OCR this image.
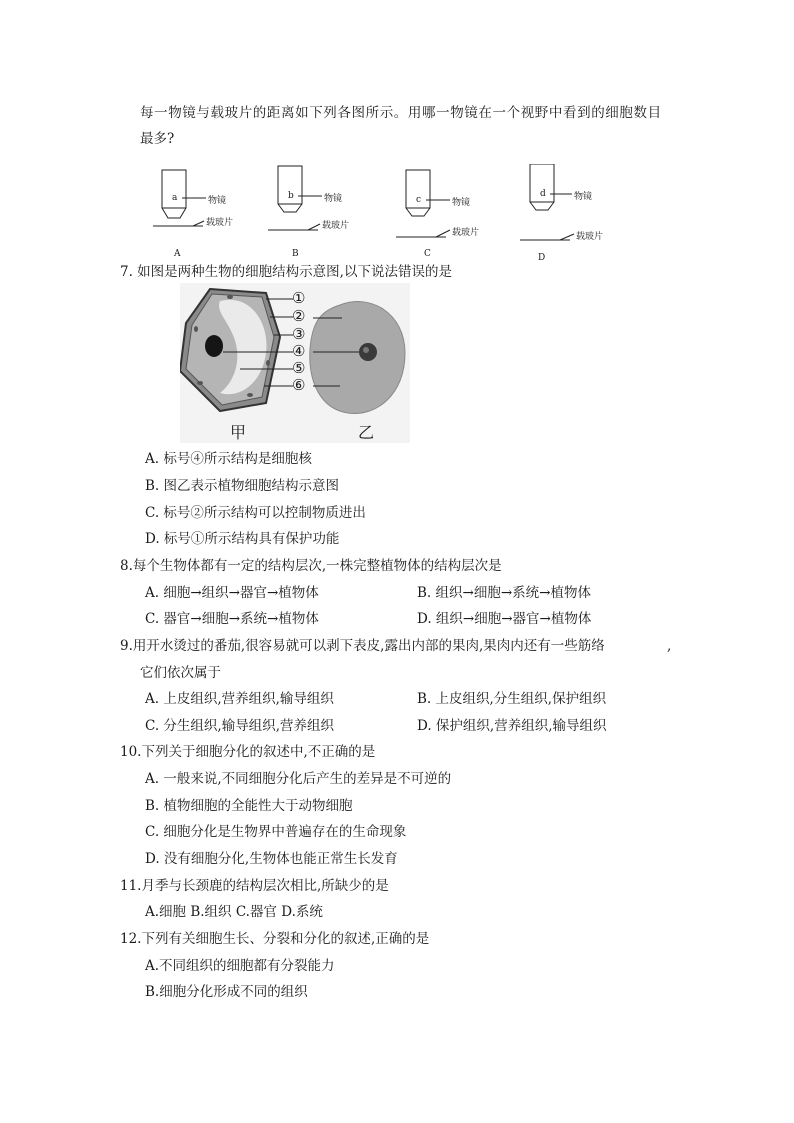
每一物镜与载玻片的距离如下列各图所示。用哪一物镜在一个视野中看到的细胞数目
最多?
a	b	c
d
物镜	物镜	物镜
物镜
载玻片	载玻片
载玻片	载玻片
A	B	C	D
7. 如图是两种生物的细胞结构示意图,以下说法错误的是
①
②
③
④
⑤
⑥
甲	乙
A. 标号④所示结构是细胞核
B. 图乙表示植物细胞结构示意图
C. 标号②所示结构可以控制物质进出
D. 标号①所示结构具有保护功能
8.每个生物体都有一定的结构层次,一株完整植物体的结构层次是
A. 细胞→组织→器官→植物体	B. 组织→细胞→系统→植物体
C. 器官→细胞→系统→植物体	D. 组织→细胞→器官→植物体
9.用开水烫过的番茄,很容易就可以剥下表皮,露出内部的果肉,果肉内还有一些筋络	,
它们依次属于
A. 上皮组织,营养组织,输导组织	B. 上皮组织,分生组织,保护组织
C. 分生组织,输导组织,营养组织	D. 保护组织,营养组织,输导组织
10.下列关于细胞分化的叙述中,不正确的是
A. 一般来说,不同细胞分化后产生的差异是不可逆的
B. 植物细胞的全能性大于动物细胞
C. 细胞分化是生物界中普遍存在的生命现象
D. 没有细胞分化,生物体也能正常生长发育
11.月季与长颈鹿的结构层次相比,所缺少的是
A.细胞 B.组织 C.器官 D.系统
12.下列有关细胞生长、分裂和分化的叙述,正确的是
A.不同组织的细胞都有分裂能力
B.细胞分化形成不同的组织
